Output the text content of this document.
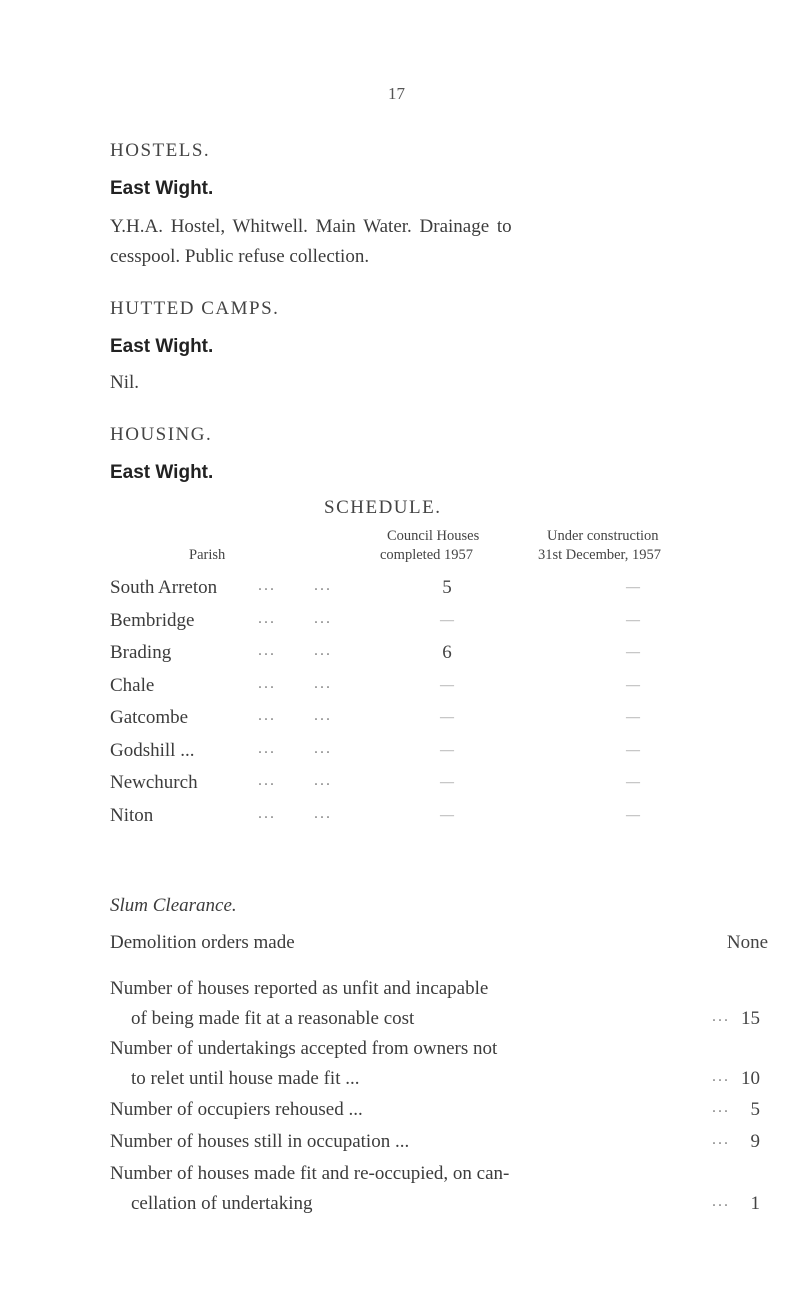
17
HOSTELS.
East Wight.
Y.H.A. Hostel, Whitwell. Main Water. Drainage to
cesspool. Public refuse collection.
HUTTED CAMPS.
East Wight.
Nil.
HOUSING.
East Wight.
SCHEDULE.
Parish
Council Houses
completed 1957
Under construction
31st December, 1957
South Arreton	... ...	5	—
Bembridge	... ...	—	—
Brading	... ...	6	—
Chale	... ...	—	—
Gatcombe	... ...	—	—
Godshill ...	... ...	—	—
Newchurch	... ...	—	—
Niton	... ...	—	—
Slum Clearance.
Demolition orders made	None
Number of houses reported as unfit and incapable
of being made fit at a reasonable cost	15
...
Number of undertakings accepted from owners not
to relet until house made fit ...	10
...
Number of occupiers rehoused ...	5
...
Number of houses still in occupation ...	9
...
Number of houses made fit and re-occupied, on can-
cellation of undertaking	1
...
